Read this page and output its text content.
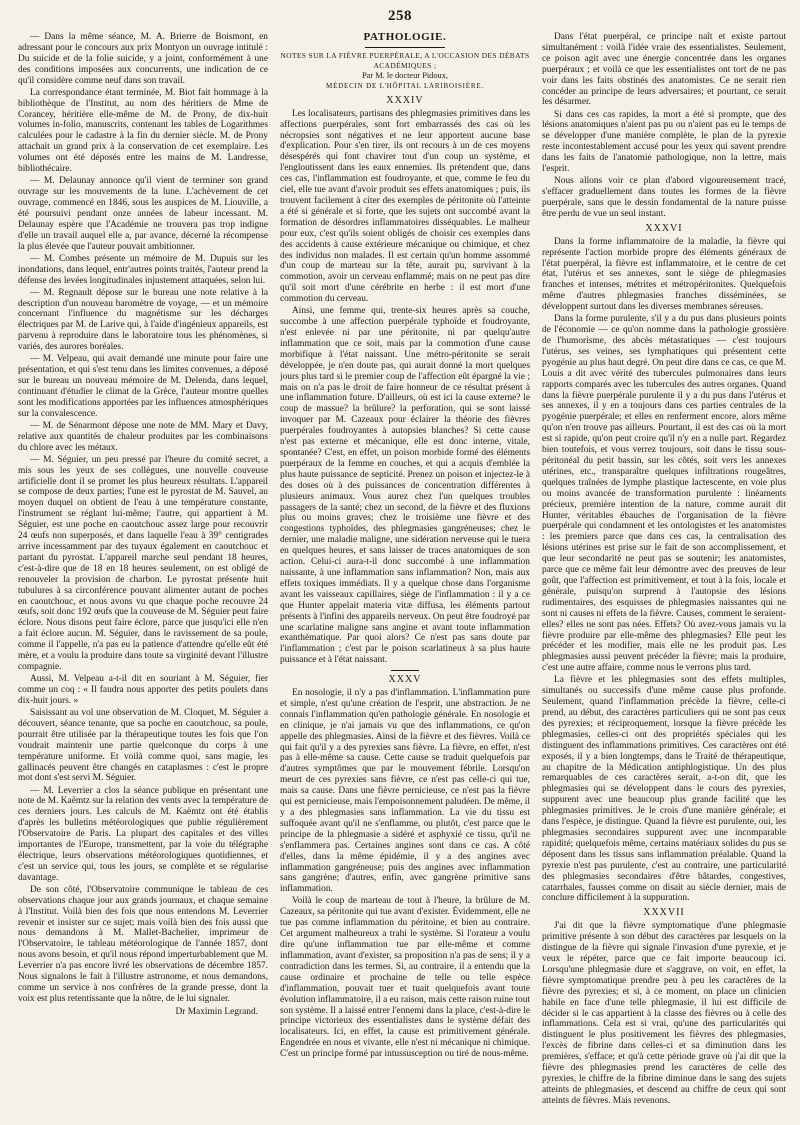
258

— Dans la même séance, M. A. Brierre de Boismont, en adressant pour le concours aux prix Montyon un ouvrage intitulé : Du suicide et de la folie suicide, y a joint, conformément à une des conditions imposées aux concurrents, une indication de ce qu'il considère comme neuf dans son travail.

La correspondance étant terminée, M. Biot fait hommage à la bibliothèque de l'Institut, au nom des héritiers de Mme de Corancey, héritière elle-même de M. de Prony, de dix-huit volumes in-folio, manuscrits, contenant les tables de Logarithmes calculées pour le cadastre à la fin du dernier siècle. M. de Prony attachait un grand prix à la conservation de cet exemplaire. Les volumes ont été déposés entre les mains de M. Landresse, bibliothécaire.

— M. Delaunay annonce qu'il vient de terminer son grand ouvrage sur les mouvements de la lune. L'achèvement de cet ouvrage, commencé en 1846, sous les auspices de M. Liouville, a été poursuivi pendant onze années de labeur incessant. M. Delaunay espère que l'Académie ne trouvera pas trop indigne d'elle un travail auquel elle a, par avance, décerné la récompense la plus élevée que l'auteur pouvait ambitionner.

— M. Combes présente un mémoire de M. Dupuis sur les inondations, dans lequel, entr'autres points traités, l'auteur prend la défense des levées longitudinales injustement attaquées, selon lui.

— M. Regnault dépose sur le bureau une note relative à la description d'un nouveau baromètre de voyage, — et un mémoire concernant l'influence du magnétisme sur les décharges électriques par M. de Larive qui, à l'aide d'ingénieux appareils, est parvenu à reproduire dans le laboratoire tous les phénomènes, si variés, des aurores boréales.

— M. Velpeau, qui avait demandé une minute pour faire une présentation, et qui s'est tenu dans les limites convenues, a déposé sur le bureau un nouveau mémoire de M. Delenda, dans lequel, continuant d'étudier le climat de la Grèce, l'auteur montre quelles sont les modifications apportées par les influences atmosphériques sur la convalescence.

— M. de Sénarmont dépose une note de MM. Mary et Davy, relative aux quantités de chaleur produites par les combinaisons du chlore avec les métaux.

— M. Séguier, un peu pressé par l'heure du comité secret, a mis sous les yeux de ses collègues, une nouvelle couveuse artificielle dont il se promet les plus heureux résultats. L'appareil se compose de deux parties; l'une est le pyrostat de M. Sauvel, au moyen duquel on obtient de l'eau à une température constante, l'instrument se réglant lui-même; l'autre, qui appartient à M. Séguier, est une poche en caoutchouc assez large pour recouvrir 24 œufs non superposés, et dans laquelle l'eau à 39° centigrades arrive incessamment par des tuyaux également en caoutchouc et partant du pyrostat. L'appareil marche seul pendant 18 heures, c'est-à-dire que de 18 en 18 heures seulement, on est obligé de renouveler la provision de charbon. Le pyrostat présente huit tubulures à sa circonférence pouvant alimenter autant de poches en caoutchouc, et nous avons vu que chaque poche recouvre 24 œufs, soit donc 192 œufs que la couveuse de M. Séguier peut faire éclore. Nous disons peut faire éclore, parce que jusqu'ici elle n'en a fait éclore aucun. M. Séguier, dans le ravissement de sa poule, comme il l'appelle, n'a pas eu la patience d'attendre qu'elle eût été mère, et a voulu la produire dans toute sa virginité devant l'illustre compagnie.

Aussi, M. Velpeau a-t-il dit en souriant à M. Séguier, fier comme un coq : « Il faudra nous apporter des petits poulets dans dix-huit jours. »

Saisissant au vol une observation de M. Cloquet, M. Séguier a découvert, séance tenante, que sa poche en caoutchouc, sa poule, pourrait être utilisée par la thérapeutique toutes les fois que l'on voudrait maintenir une partie quelconque du corps à une température uniforme. Et voilà comme quoi, sans magie, les gallinacés peuvent être changés en cataplasmes : c'est le propre mot dont s'est servi M. Séguier.

— M. Leverrier a clos la séance publique en présentant une note de M. Kaëmtz sur la relation des vents avec la température de ces derniers jours. Les calculs de M. Kaëmtz ont été établis d'après les bulletins météorologiques que publie régulièrement l'Observatoire de Paris. La plupart des capitales et des villes importantes de l'Europe, transmettent, par la voie du télégraphe électrique, leurs observations météorologiques quotidiennes, et c'est un service qui, tous les jours, se complète et se régularise davantage.

De son côté, l'Observatoire communique le tableau de ces observations chaque jour aux grands journaux, et chaque semaine à l'Institut. Voilà bien des fois que nous entendons M. Leverrier revenir et insister sur ce sujet; mais voilà bien des fois aussi que nous demandons à M. Mallet-Bachelier, imprimeur de l'Observatoire, le tableau météorologique de l'année 1857, dont nous avons besoin, et qu'il nous répond imperturbablement que M. Leverrier n'a pas encore livré les observations de décembre 1857. Nous signalons le fait à l'illustre astronome, et nous demandons, comme un service à nos confrères de la grande presse, dont la voix est plus retentissante que la nôtre, de le lui signaler.

Dr Maximin Legrand.
PATHOLOGIE.
NOTES SUR LA FIÈVRE PUERPÉRALE, A L'OCCASION DES DÉBATS ACADÉMIQUES ;
Par M. le docteur Pidoux,
MÉDECIN DE L'HÔPITAL LARIBOISIÈRE.
XXXIV

Les localisateurs, partisans des phlegmasies primitives dans les affections puerpérales, sont fort embarrassés des cas où les nécropsies sont négatives et ne leur apportent aucune base d'explication. Pour s'en tirer, ils ont recours à un de ces moyens désespérés qui font chavirer tout d'un coup un système, et l'engloutissent dans les eaux ennemies. Ils prétendent que, dans ces cas, l'inflammation est foudroyante, et que, comme le feu du ciel, elle tue avant d'avoir produit ses effets anatomiques ; puis, ils trouvent facilement à citer des exemples de péritonite où l'atteinte a été si générale et si forte, que les sujets ont succombé avant la formation de désordres inflammatoires disséquables. Le malheur pour eux, c'est qu'ils soient obligés de choisir ces exemples dans des accidents à cause extérieure mécanique ou chimique, et chez des individus non malades. Il est certain qu'un homme assommé d'un coup de marteau sur la tête, aurait pu, survivant à la commotion, avoir un cerveau enflammé; mais on ne peut pas dire qu'il soit mort d'une cérébrite en herbe : il est mort d'une commotion du cerveau.

Ainsi, une femme qui, trente-six heures après sa couche, succombe à une affection puerpérale typhoïde et foudroyante, n'est enlevée ni par une péritonite, ni par quelqu'autre inflammation que ce soit, mais par la commotion d'une cause morbifique à l'état naissant. Une métro-péritonite se serait développée, je n'en doute pas, qui aurait donné la mort quelques jours plus tard si le premier coup de l'affection eût épargné la vie ; mais on n'a pas le droit de faire honneur de ce résultat présent à une inflammation future. D'ailleurs, où est ici la cause externe? le coup de massue? la brûlure? la perforation, qui se sont laissé invoquer par M. Cazeaux pour éclairer la théorie des fièvres puerpérales foudroyantes à autopsies blanches? Si cette cause n'est pas externe et mécanique, elle est donc interne, vitale, spontanée? C'est, en effet, un poison morbide formé des éléments puerpéraux de la femme en couches, et qui a acquis d'emblée la plus haute puissance de septicité. Prenez un poison et injectez-le à des doses où à des puissances de concentration différentes à plusieurs animaux. Vous aurez chez l'un quelques troubles passagers de la santé; chez un second, de la fièvre et des fluxions plus ou moins graves; chez le troisième une fièvre et des congestions typhoïdes, des phlegmasies gangréneuses; chez le dernier, une maladie maligne, une sidération nerveuse qui le tuera en quelques heures, et sans laisser de traces anatomiques de son action. Celui-ci aura-t-il donc succombé à une inflammation naissante, à une inflammation sans inflammation? Non, mais aux effets toxiques immédiats. Il y a quelque chose dans l'organisme avant les vaisseaux capillaires, siège de l'inflammation : il y a ce que Hunter appelait materia vitæ diffusa, les éléments partout présents à l'infini des appareils nerveux. On peut être foudroyé par une scarlatine maligne sans angine et avant toute inflammation exanthématique. Par quoi alors? Ce n'est pas sans doute par l'inflammation ; c'est par le poison scarlatineux à sa plus haute puissance et à l'état naissant.

XXXV

En nosologie, il n'y a pas d'inflammation. L'inflammation pure et simple, n'est qu'une création de l'esprit, une abstraction. Je ne connais l'inflammation qu'en pathologie générale. En nosologie et en clinique, je n'ai jamais vu que des inflammations, ce qu'on appelle des phlegmasies. Ainsi de la fièvre et des fièvres. Voilà ce qui fait qu'il y a des pyrexies sans fièvre. La fièvre, en effet, n'est pas à elle-même sa cause. Cette cause se traduit quelquefois par d'autres symptômes que par le mouvement fébrile. Lorsqu'on meurt de ces pyrexies sans fièvre, ce n'est pas celle-ci qui tue, mais sa cause. Dans une fièvre pernicieuse, ce n'est pas la fièvre qui est pernicieuse, mais l'empoisonnement paludéen. De même, il y a des phlegmasies sans inflammation. La vie du tissu est suffoquée avant qu'il ne s'enflamme, ou plutôt, c'est parce que le principe de la phlegmasie a sidéré et asphyxié ce tissu, qu'il ne s'enflammera pas. Certaines angines sont dans ce cas. A côté d'elles, dans la même épidémie, il y a des angines avec inflammation gangréneuse; puis des angines avec inflammation sans gangrène; d'autres, enfin, avec gangrène primitive sans inflammation.

Voilà le coup de marteau de tout à l'heure, la brûlure de M. Cazeaux, sa péritonite qui tue avant d'exister. Évidemment, elle ne tue pas comme inflammation du péritoine, et bien au contraire. Cet argument malheureux a trahi le système. Si l'orateur a voulu dire qu'une inflammation tue par elle-même et comme inflammation, avant d'exister, sa proposition n'a pas de sens; il y a contradiction dans les termes. Si, au contraire, il a entendu que la cause ordinaire et prochaine de telle ou telle espèce d'inflammation, pouvait tuer et tuait quelquefois avant toute évolution inflammatoire, il a eu raison, mais cette raison ruine tout son système. Il a laissé entrer l'ennemi dans la place, c'est-à-dire le principe victorieux des essentialistes dans le système défait des localisateurs. Ici, en effet, la cause est primitivement générale. Engendrée en nous et vivante, elle n'est ni mécanique ni chimique. C'est un principe formé par intussusception ou tiré de nous-même.

Dans l'état puerpéral, ce principe naît et existe partout simultanément : voilà l'idée vraie des essentialistes. Seulement, ce poison agit avec une énergie concentrée dans les organes puerpéraux ; et voilà ce que les essentialistes ont tort de ne pas voir dans les faits obstinés des anatomistes. Ce ne serait rien concéder au principe de leurs adversaires; et pourtant, ce serait les désarmer.

Si dans ces cas rapides, la mort a été si prompte, que des lésions anatomiques n'aient pas pu ou n'aient pas eu le temps de se développer d'une manière complète, le plan de la pyrexie reste incontestablement accusé pour les yeux qui savent prendre dans les faits de l'anatomie pathologique, non la lettre, mais l'esprit.

Nous allons voir ce plan d'abord vigoureusement tracé, s'effacer graduellement dans toutes les formes de la fièvre puerpérale, sans que le dessin fondamental de la nature puisse être perdu de vue un seul instant.

XXXVI

Dans la forme inflammatoire de la maladie, la fièvre qui représente l'action morbide propre des éléments généraux de l'état puerpéral, la fièvre est inflammatoire, et le centre de cet état, l'utérus et ses annexes, sont le siège de phlegmasies franches et intenses, métrites et métropéritonites. Quelquefois même d'autres phlegmasies franches disséminées, se développent surtout dans les diverses membranes séreuses.

Dans la forme purulente, s'il y a du pus dans plusieurs points de l'économie — ce qu'on nomme dans la pathologie grossière de l'humorisme, des abcès métastatiques — c'est toujours l'utérus, ses veines, ses lymphatiques qui présentent cette pyogénie au plus haut degré. On peut dire dans ce cas, ce que M. Louis a dit avec vérité des tubercules pulmonaires dans leurs rapports comparés avec les tubercules des autres organes. Quand dans la fièvre puerpérale purulente il y a du pus dans l'utérus et ses annexes, il y en a toujours dans ces parties centrales de la pyogénie puerpérale; et elles en renferment encore, alors même qu'on n'en trouve pas ailleurs. Pourtant, il est des cas où la mort est si rapide, qu'on peut croire qu'il n'y en a nulle part. Regardez bien toutefois, et vous verrez toujours, soit dans le tissu sous-péritonéal du petit bassin, sur les côtés, soit vers les annexes utérines, etc., transparaître quelques infiltrations rougeâtres, quelques traînées de lymphe plastique lactescente, en voie plus ou moins avancée de transformation purulente : linéaments précieux, première intention de la nature, comme aurait dit Hunter, véritables ébauches de l'organisation de la fièvre puerpérale qui condamnent et les ontologistes et les anatomistes : les premiers parce que dans ces cas, la centralisation des lésions utérines est prise sur le fait de son accomplissement, et que leur secondarité ne peut pas se soutenir; les anatomistes, parce que ce même fait leur démontre avec des preuves de leur goût, que l'affection est primitivement, et tout à la fois, locale et générale, puisqu'on surprend à l'autopsie des lésions rudimentaires, des esquisses de phlegmasies naissantes qui ne sont ni causes ni effets de la fièvre. Causes, comment le seraient-elles? elles ne sont pas nées. Effets? Où avez-vous jamais vu la fièvre produire par elle-même des phlegmasies? Elle peut les précéder et les modifier, mais elle ne les produit pas. Les phlegmasies aussi peuvent précéder la fièvre; mais la produire, c'est une autre affaire, comme nous le verrons plus tard.

La fièvre et les phlegmasies sont des effets multiples, simultanés ou successifs d'une même cause plus profonde. Seulement, quand l'inflammation précède la fièvre, celle-ci prend, au début, des caractères particuliers qui ne sont pas ceux des pyrexies; et réciproquement, lorsque la fièvre précède les phlegmasies, celles-ci ont des propriétés spéciales qui les distinguent des inflammations primitives. Ces caractères ont été exposés, il y a bien longtemps, dans le Traité de thérapeutique, au chapitre de la Médication antiphlogistique. Un des plus remarquables de ces caractères serait, a-t-on dit, que les phlegmasies qui se développent dans le cours des pyrexies, suppurent avec une beaucoup plus grande facilité que les phlegmasies primitives. Je le crois d'une manière générale; et dans l'espèce, je distingue. Quand la fièvre est purulente, oui, les phlegmasies secondaires suppurent avec une incomparable rapidité; quelquefois même, certains matériaux solides du pus se déposent dans les tissus sans inflammation préalable. Quand la pyrexie n'est pas purulente, c'est au contraire, une particularité des phlegmasies secondaires d'être bâtardes, congestives, catarrhales, fausses comme on disait au siècle dernier, mais de conclure difficilement à la suppuration.

XXXVII

J'ai dit que la fièvre symptomatique d'une phlegmasie primitive présente à son début des caractères par lesquels on la distingue de la fièvre qui signale l'invasion d'une pyrexie, et je veux le répéter, parce que ce fait importe beaucoup ici. Lorsqu'une phlegmasie dure et s'aggrave, on voit, en effet, la fièvre symptomatique prendre peu à peu les caractères de la fièvre des pyrexies; et si, à ce moment, on place un clinicien habile en face d'une telle phlegmasie, il lui est difficile de décider si le cas appartient à la classe des fièvres ou à celle des inflammations. Cela est si vrai, qu'une des particularités qui distinguent le plus positivement les fièvres des phlegmasies, l'excès de fibrine dans celles-ci et sa diminution dans les premières, s'efface; et qu'à cette période grave où j'ai dit que la fièvre des phlegmasies prend les caractères de celle des pyrexies, le chiffre de la fibrine diminue dans le sang des sujets atteints de phlegmasies, et descend au chiffre de ceux qui sont atteints de fièvres. Mais revenons.
